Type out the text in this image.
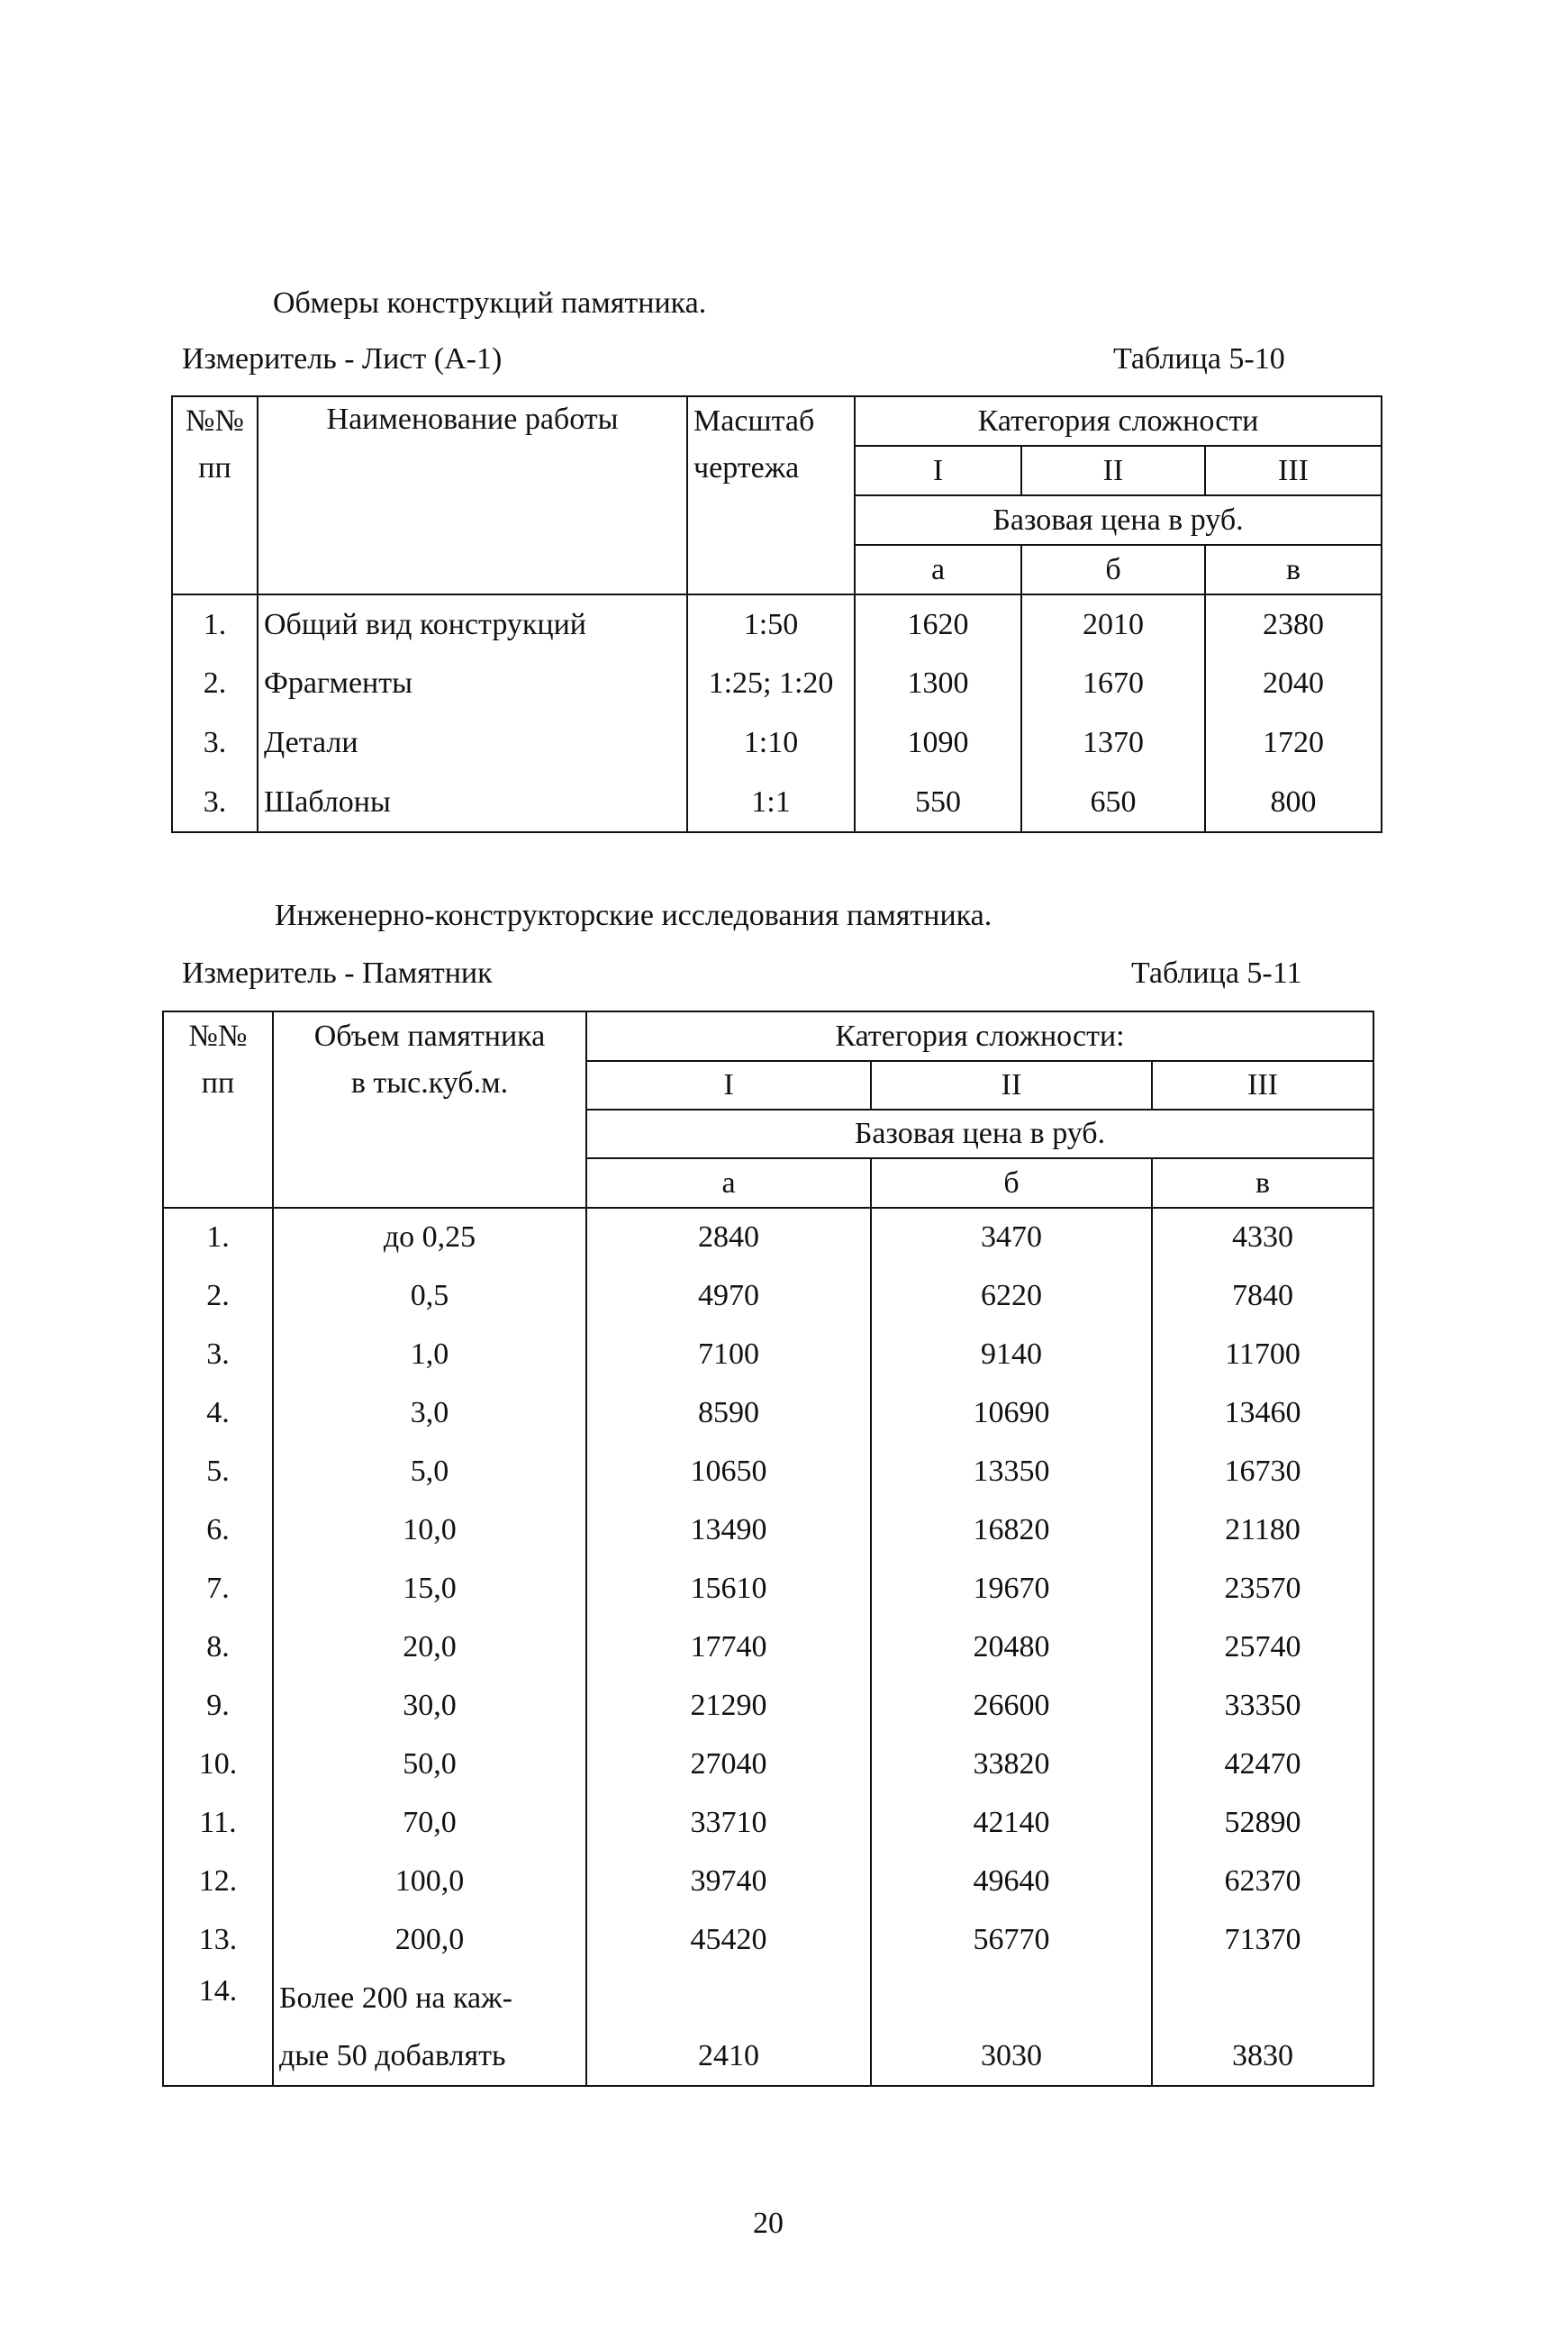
Обмеры конструкций памятника.
Измеритель - Лист (А-1)	Таблица 5-10
№№	Наименование работы	Масштаб	Категория сложности		
пп		чертежа	I	II	III
			Базовая цена в руб.		
			а	б	в
1.	Общий вид конструкций	1:50	1620	2010	2380
2.	Фрагменты	1:25; 1:20	1300	1670	2040
3.	Детали	1:10	1090	1370	1720
3.	Шаблоны	1:1	550	650	800
Инженерно-конструкторские исследования памятника.
Измеритель - Памятник	Таблица 5-11
№№	Объем памятника	Категория сложности:		
пп	в тыс.куб.м.	I	II	III
		Базовая цена в руб.		
		а	б	в
1.	до 0,25	2840	3470	4330
2.	0,5	4970	6220	7840
3.	1,0	7100	9140	11700
4.	3,0	8590	10690	13460
5.	5,0	10650	13350	16730
6.	10,0	13490	16820	21180
7.	15,0	15610	19670	23570
8.	20,0	17740	20480	25740
9.	30,0	21290	26600	33350
10.	50,0	27040	33820	42470
11.	70,0	33710	42140	52890
12.	100,0	39740	49640	62370
13.	200,0	45420	56770	71370
14.	Более 200 на каж-			
	дые 50 добавлять	2410	3030	3830
20
